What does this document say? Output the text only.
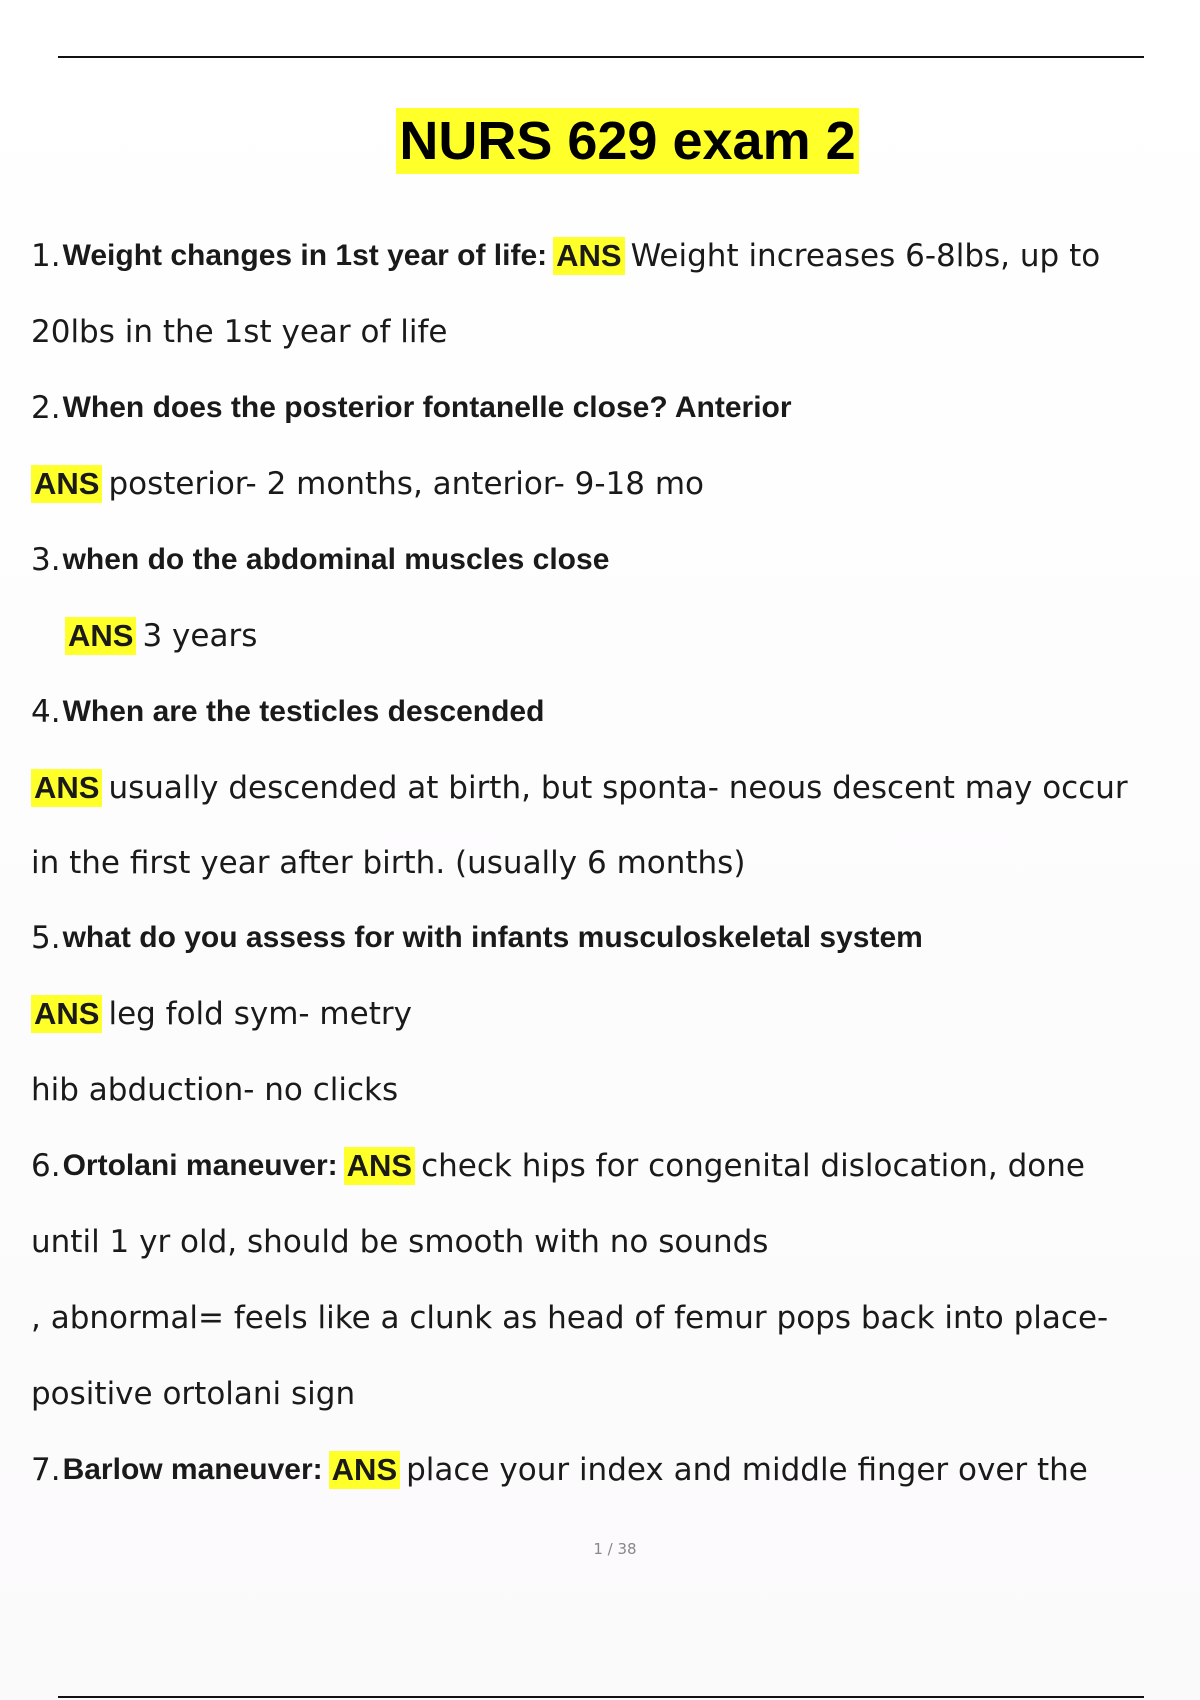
NURS 629 exam 2
1. Weight changes in 1st year of life: ANS Weight increases 6-8lbs, up to
20lbs in the 1st year of life
2. When does the posterior fontanelle close? Anterior
ANS posterior- 2 months, anterior- 9-18 mo
3. when do the abdominal muscles close
ANS 3 years
4. When are the testicles descended
ANS usually descended at birth, but sponta- neous descent may occur
in the first year after birth. (usually 6 months)
5. what do you assess for with infants musculoskeletal system
ANS leg fold sym- metry
hib abduction- no clicks
6. Ortolani maneuver: ANS check hips for congenital dislocation, done
until 1 yr old, should be smooth with no sounds
, abnormal= feels like a clunk as head of femur pops back into place-
positive ortolani sign
7. Barlow maneuver: ANS place your index and middle finger over the
1 / 38
